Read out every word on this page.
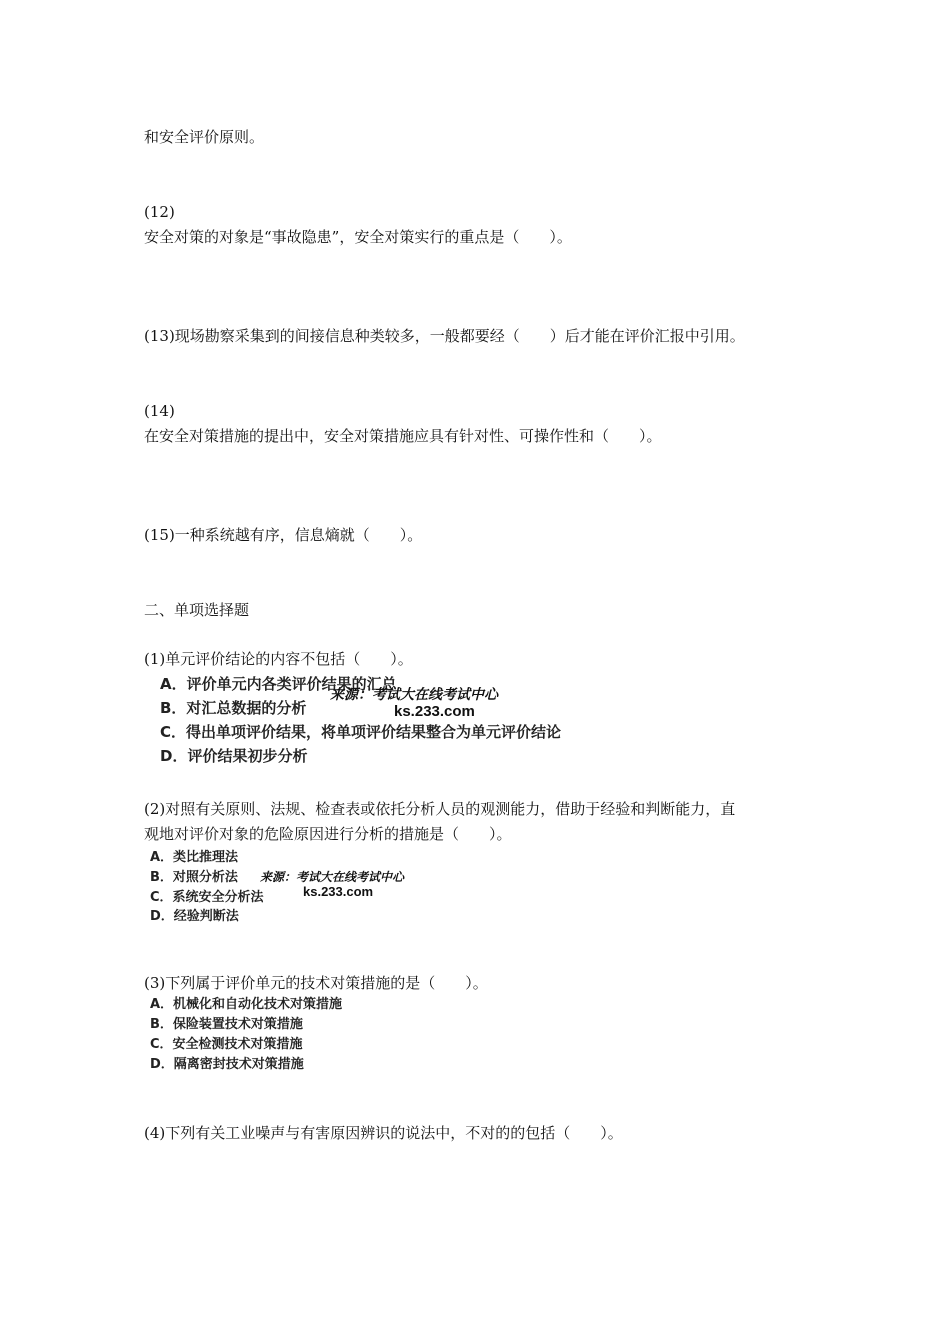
和安全评价原则。
(12)
安全对策的对象是“事故隐患”，安全对策实行的重点是（　　）。
(13)现场勘察采集到的间接信息种类较多，一般都要经（　　）后才能在评价汇报中引用。
(14)
在安全对策措施的提出中，安全对策措施应具有针对性、可操作性和（　　）。
(15)一种系统越有序，信息熵就（　　）。
二、单项选择题
(1)单元评价结论的内容不包括（　　）。
A．评价单元内各类评价结果的汇总
B．对汇总数据的分析
C．得出单项评价结果，将单项评价结果整合为单元评价结论
D．评价结果初步分析
来源：考试大在线考试中心
ks.233.com
(2)对照有关原则、法规、检查表或依托分析人员的观测能力，借助于经验和判断能力，直
观地对评价对象的危险原因进行分析的措施是（　　）。
A．类比推理法
B．对照分析法
C．系统安全分析法
D．经验判断法
来源：考试大在线考试中心
ks.233.com
(3)下列属于评价单元的技术对策措施的是（　　）。
A．机械化和自动化技术对策措施
B．保险装置技术对策措施
C．安全检测技术对策措施
D．隔离密封技术对策措施
(4)下列有关工业噪声与有害原因辨识的说法中，不对的的包括（　　）。
